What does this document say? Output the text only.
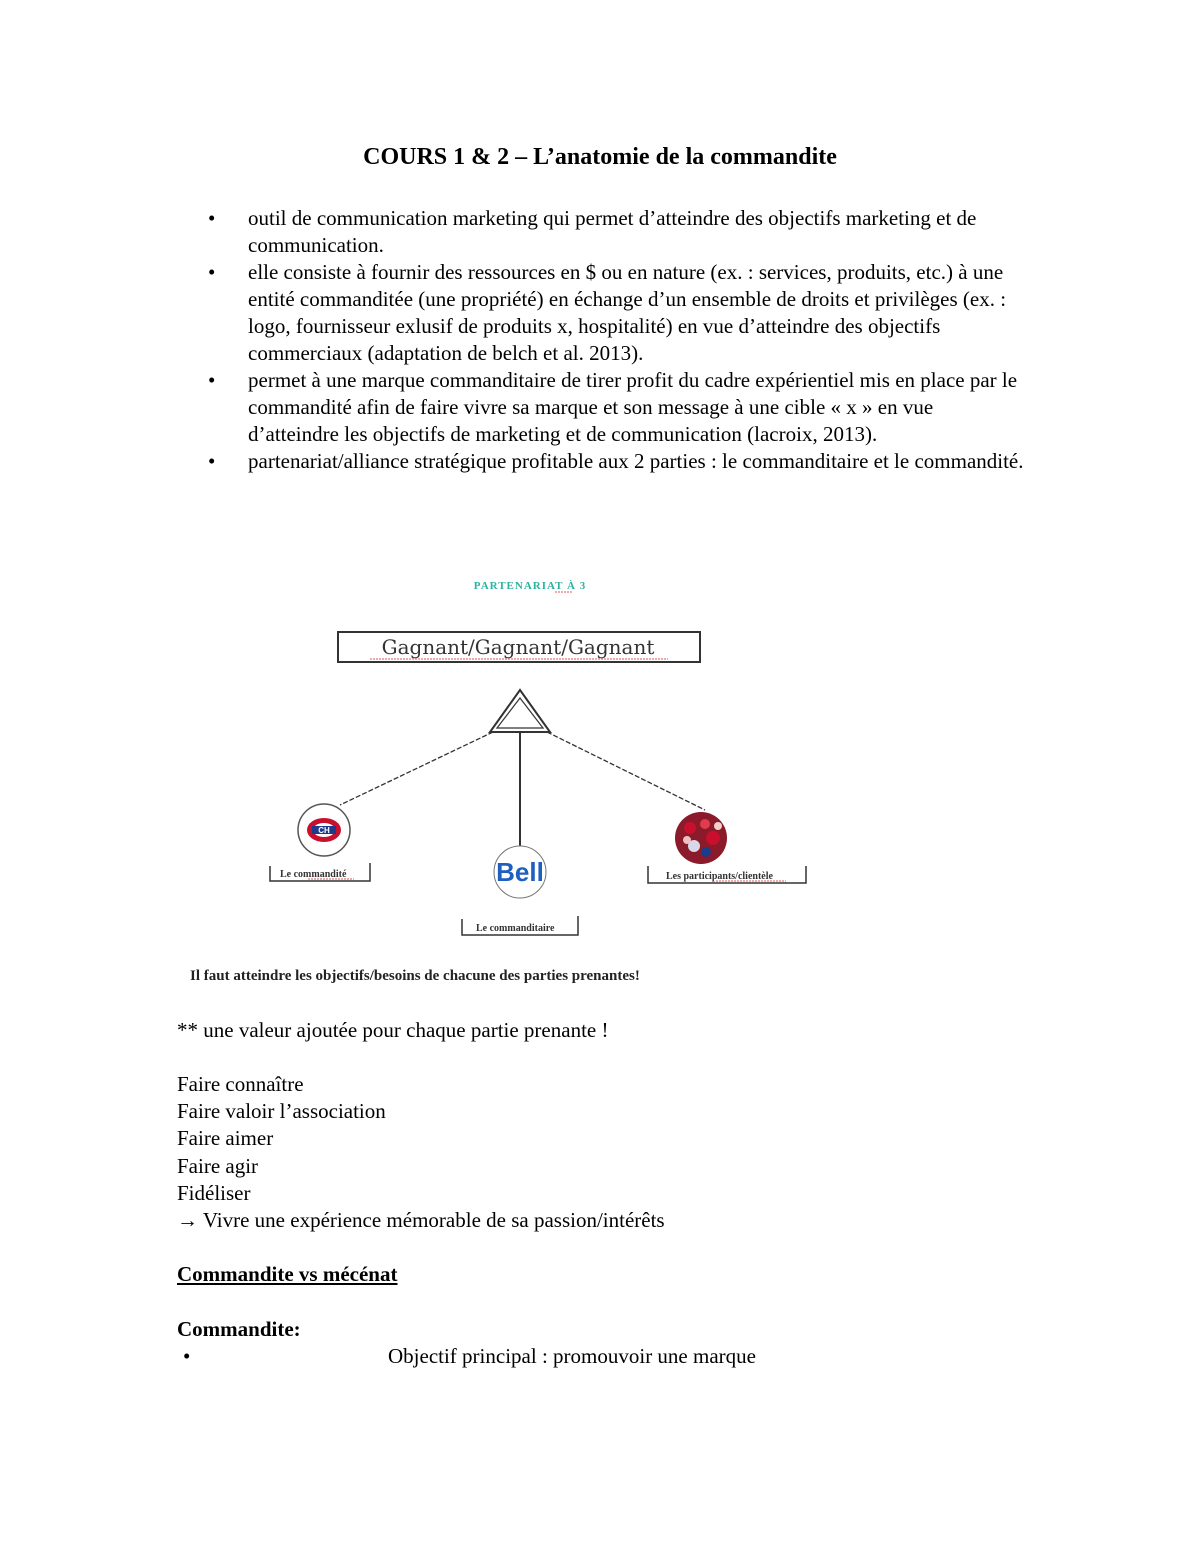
COURS 1 & 2 – L’anatomie de la commandite
• outil de communication marketing qui permet d’atteindre des objectifs marketing et de communication.
• elle consiste à fournir des ressources en $ ou en nature (ex. : services, produits, etc.) à une entité commanditée (une propriété) en échange d’un ensemble de droits et privilèges (ex. : logo, fournisseur exlusif de produits x, hospitalité) en vue d’atteindre des objectifs commerciaux (adaptation de belch et al. 2013).
• permet à une marque commanditaire de tirer profit du cadre expérientiel mis en place par le commandité afin de faire vivre sa marque et son message à une cible « x » en vue d’atteindre les objectifs de marketing et de communication (lacroix, 2013).
• partenariat/alliance stratégique profitable aux 2 parties : le commanditaire et le commandité.
PARTENARIAT À 3
Gagnant/Gagnant/Gagnant
CH
Le commandité	Bell
Le commanditaire
Les participants/clientèle
Il faut atteindre les objectifs/besoins de chacune des parties prenantes!
** une valeur ajoutée pour chaque partie prenante !
Faire connaître
Faire valoir l’association
Faire aimer
Faire agir
Fidéliser
→ Vivre une expérience mémorable de sa passion/intérêts
Commandite vs mécénat
Commandite:
•	Objectif principal : promouvoir une marque
